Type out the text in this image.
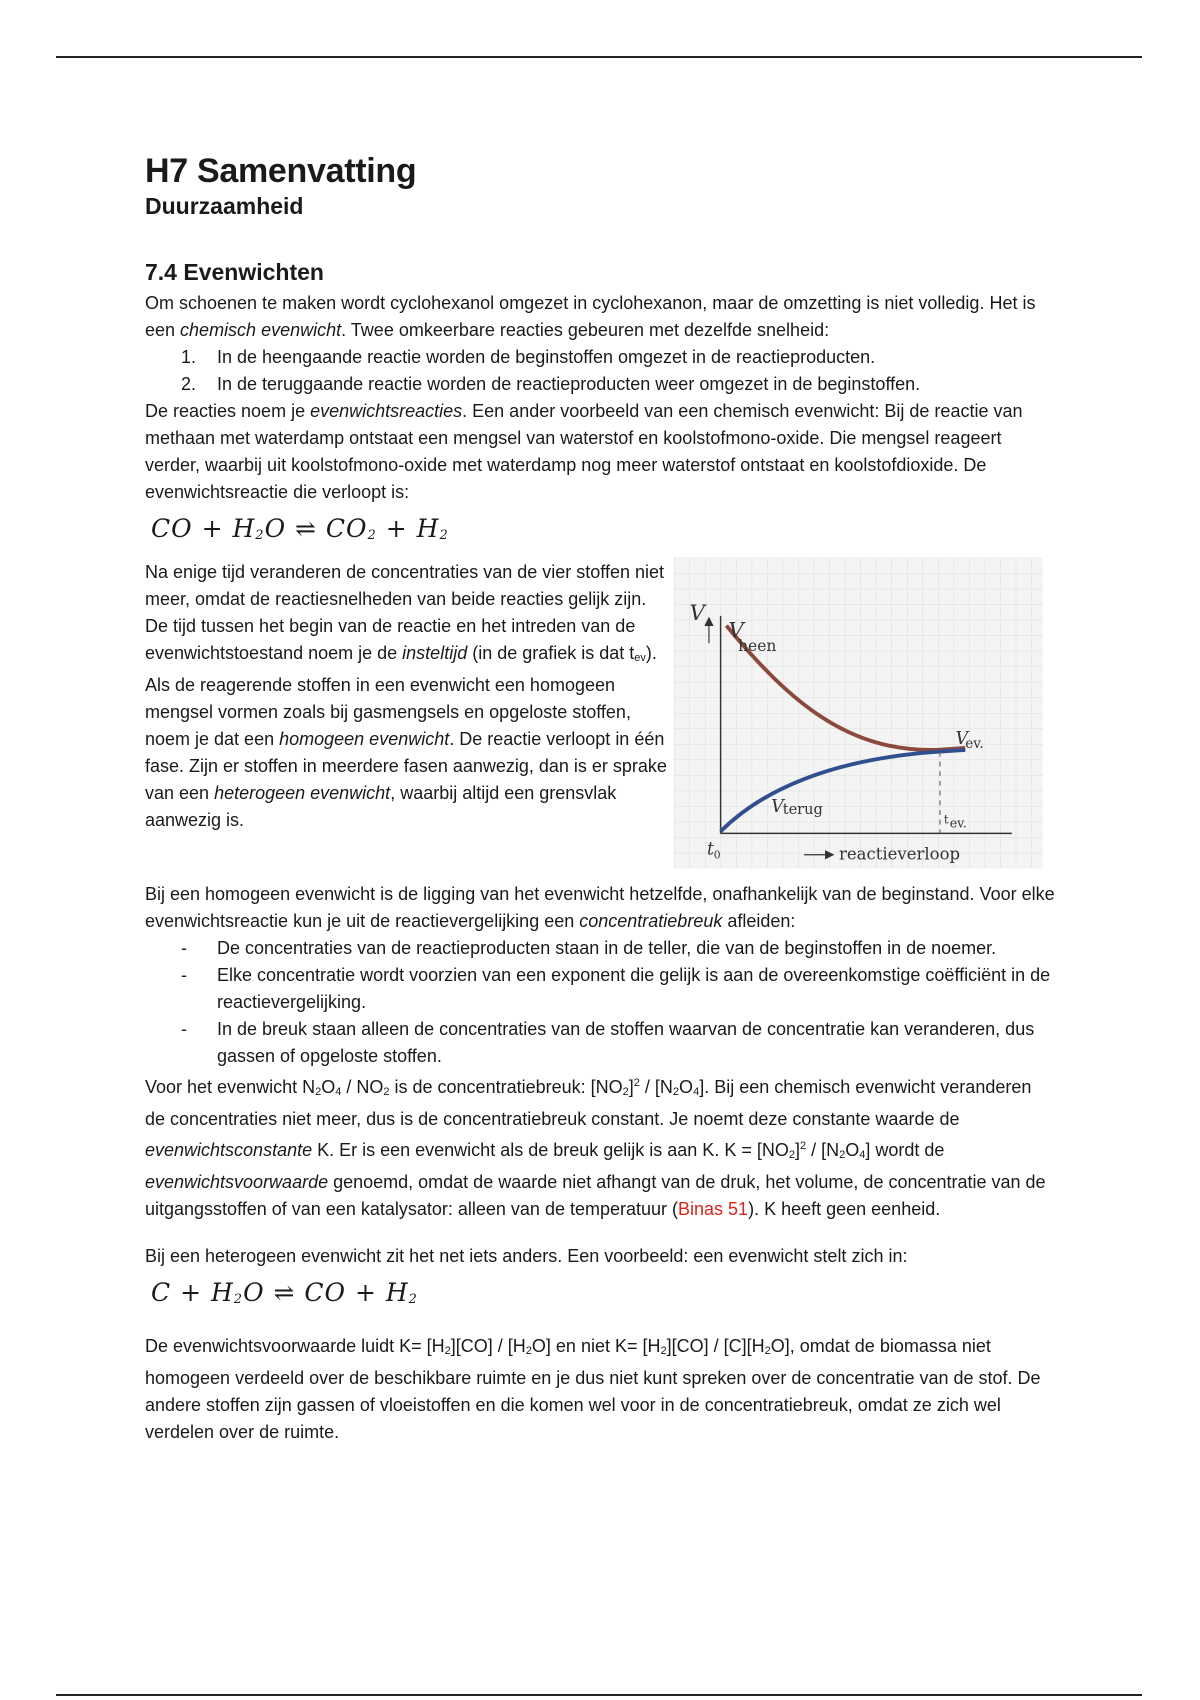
H7 Samenvatting
Duurzaamheid
7.4 Evenwichten

Om schoenen te maken wordt cyclohexanol omgezet in cyclohexanon, maar de omzetting is niet volledig. Het is een chemisch evenwicht. Twee omkeerbare reacties gebeuren met dezelfde snelheid:

1. In de heengaande reactie worden de beginstoffen omgezet in de reactieproducten.
2. In de teruggaande reactie worden de reactieproducten weer omgezet in de beginstoffen.

De reacties noem je evenwichtsreacties. Een ander voorbeeld van een chemisch evenwicht: Bij de reactie van methaan met waterdamp ontstaat een mengsel van waterstof en koolstofmono-oxide. Die mengsel reageert verder, waarbij uit koolstofmono-oxide met waterdamp nog meer waterstof ontstaat en koolstofdioxide. De evenwichtsreactie die verloopt is:

CO + $H_2O$ ⇌ $CO_2 + H_2$

Na enige tijd veranderen de concentraties van de vier stoffen niet meer, omdat de reactiesnelheden van beide reacties gelijk zijn. De tijd tussen het begin van de reactie en het intreden van de evenwichtstoestand noem je de insteltijd (in de grafiek is dat $t_{ev}$). Als de reagerende stoffen in een evenwicht een homogeen mengsel vormen zoals bij gasmengsels en opgeloste stoffen, noem je dat een homogeen evenwicht. De reactie verloopt in één fase. Zijn er stoffen in meerdere fasen aanwezig, dan is er sprake van een heterogeen evenwicht, waarbij altijd een grensvlak aanwezig is.

V
V
heen
V
ev.
V terug
t ev.
t 0	reactieverloop

Bij een homogeen evenwicht is de ligging van het evenwicht hetzelfde, onafhankelijk van de beginstand. Voor elke evenwichtsreactie kun je uit de reactievergelijking een concentratiebreuk afleiden:

- De concentraties van de reactieproducten staan in de teller, die van de beginstoffen in de noemer.
- Elke concentratie wordt voorzien van een exponent die gelijk is aan de overeenkomstige coëfficiënt in de reactievergelijking.
- In de breuk staan alleen de concentraties van de stoffen waarvan de concentratie kan veranderen, dus gassen of opgeloste stoffen.

Voor het evenwicht $N_2O_4 / NO_2$ is de concentratiebreuk: $[NO_2]^2 / [N_2O_4]$. Bij een chemisch evenwicht veranderen de concentraties niet meer, dus is de concentratiebreuk constant. Je noemt deze constante waarde de evenwichtsconstante K. Er is een evenwicht als de breuk gelijk is aan K. $K = [NO_2]^2 / [N_2O_4]$ wordt de evenwichtsvoorwaarde genoemd, omdat de waarde niet afhangt van de druk, het volume, de concentratie van de uitgangsstoffen of van een katalysator: alleen van de temperatuur (Binas 51). K heeft geen eenheid.

Bij een heterogeen evenwicht zit het net iets anders. Een voorbeeld: een evenwicht stelt zich in:

$C + H_2O$ ⇌ CO + $H_2$

De evenwichtsvoorwaarde luidt $K= [H_2][CO] / [H_2O]$ en niet $K= [H_2][CO] / [C][H_2O]$, omdat de biomassa niet homogeen verdeeld over de beschikbare ruimte en je dus niet kunt spreken over de concentratie van de stof. De andere stoffen zijn gassen of vloeistoffen en die komen wel voor in de concentratiebreuk, omdat ze zich wel verdelen over de ruimte.
